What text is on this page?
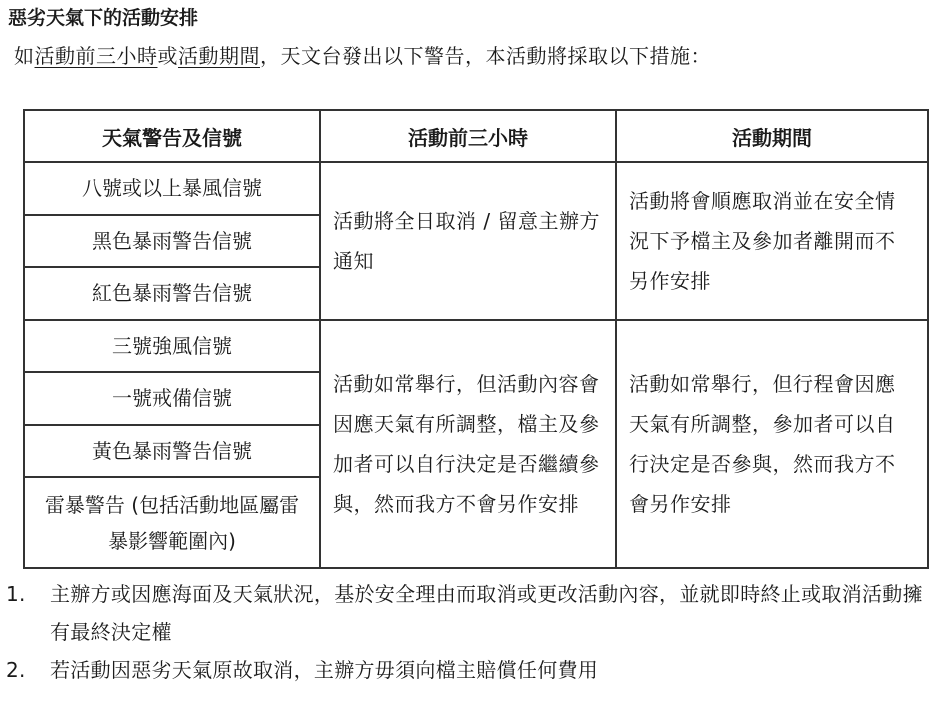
惡劣天氣下的活動安排
如活動前三小時或活動期間，天文台發出以下警告，本活動將採取以下措施：
天氣警告及信號	活動前三小時	活動期間
八號或以上暴風信號	活動將全日取消 / 留意主辦方通知	活動將會順應取消並在安全情況下予檔主及參加者離開而不另作安排
黑色暴雨警告信號		
紅色暴雨警告信號		
三號強風信號	活動如常舉行，但活動內容會因應天氣有所調整，檔主及參加者可以自行決定是否繼續參與，然而我方不會另作安排	活動如常舉行，但行程會因應天氣有所調整，參加者可以自行決定是否參與，然而我方不會另作安排
一號戒備信號		
黃色暴雨警告信號		
雷暴警告 (包括活動地區屬雷暴影響範圍內)		
1. 主辦方或因應海面及天氣狀況，基於安全理由而取消或更改活動內容，並就即時終止或取消活動擁有最終決定權
2. 若活動因惡劣天氣原故取消，主辦方毋須向檔主賠償任何費用
